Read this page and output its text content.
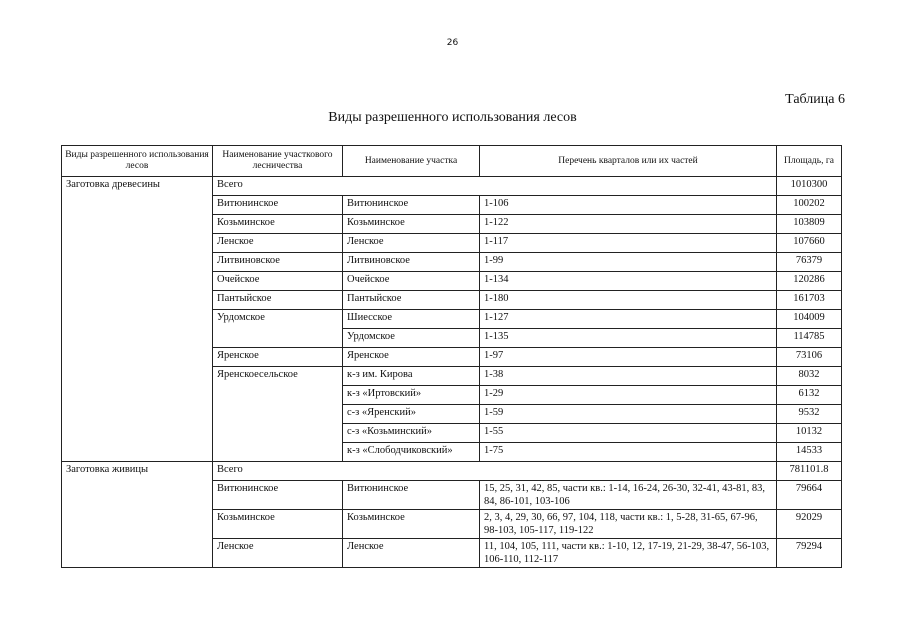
26
Таблица 6
Виды разрешенного использования лесов
Виды разрешенного использования лесов	Наименование участкового лесничества	Наименование участка	Перечень кварталов или их частей	Площадь, га
Заготовка древесины	Всего			1010300
	Витюнинское	Витюнинское	1-106	100202
	Козьминское	Козьминское	1-122	103809
	Ленское	Ленское	1-117	107660
	Литвиновское	Литвиновское	1-99	76379
	Очейское	Очейское	1-134	120286
	Пантыйское	Пантыйское	1-180	161703
	Урдомское	Шиесское	1-127	104009
		Урдомское	1-135	114785
	Яренское	Яренское	1-97	73106
	Яренскоесельское	к-з им. Кирова	1-38	8032
		к-з «Иртовский»	1-29	6132
		с-з «Яренский»	1-59	9532
		с-з «Козьминский»	1-55	10132
		к-з «Слободчиковский»	1-75	14533
Заготовка живицы	Всего			781101.8
	Витюнинское	Витюнинское	15, 25, 31, 42, 85, части кв.: 1-14, 16-24, 26-30, 32-41, 43-81, 83, 84, 86-101, 103-106	79664
	Козьминское	Козьминское	2, 3, 4, 29, 30, 66, 97, 104, 118, части кв.: 1, 5-28, 31-65, 67-96, 98-103, 105-117, 119-122	92029
	Ленское	Ленское	11, 104, 105, 111, части кв.: 1-10, 12, 17-19, 21-29, 38-47, 56-103, 106-110, 112-117	79294
